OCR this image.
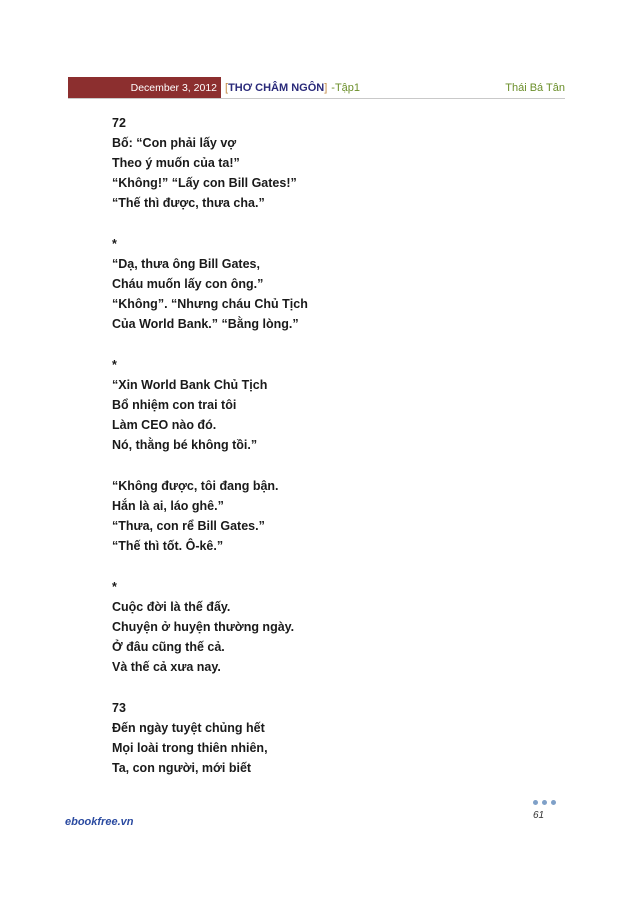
December 3, 2012 [ THƠ CHÂM NGÔN ] -Tập1	Thái Bá Tân
72
Bố: “Con phải lấy vợ
Theo ý muốn của ta!”
“Không!” “Lấy con Bill Gates!”
“Thế thì được, thưa cha.”
*
“Dạ, thưa ông Bill Gates,
Cháu muốn lấy con ông.”
“Không”. “Nhưng cháu Chủ Tịch
Của World Bank.” “Bằng lòng.”
*
“Xin World Bank Chủ Tịch
Bổ nhiệm con trai tôi
Làm CEO nào đó.
Nó, thằng bé không tồi.”
“Không được, tôi đang bận.
Hắn là ai, láo ghê.”
“Thưa, con rể Bill Gates.”
“Thế thì tốt. Ô-kê.”
*
Cuộc đời là thế đấy.
Chuyện ở huyện thường ngày.
Ở đâu cũng thế cả.
Và thế cả xưa nay.
73
Đến ngày tuyệt chủng hết
Mọi loài trong thiên nhiên,
Ta, con người, mới biết
61
ebookfree.vn
